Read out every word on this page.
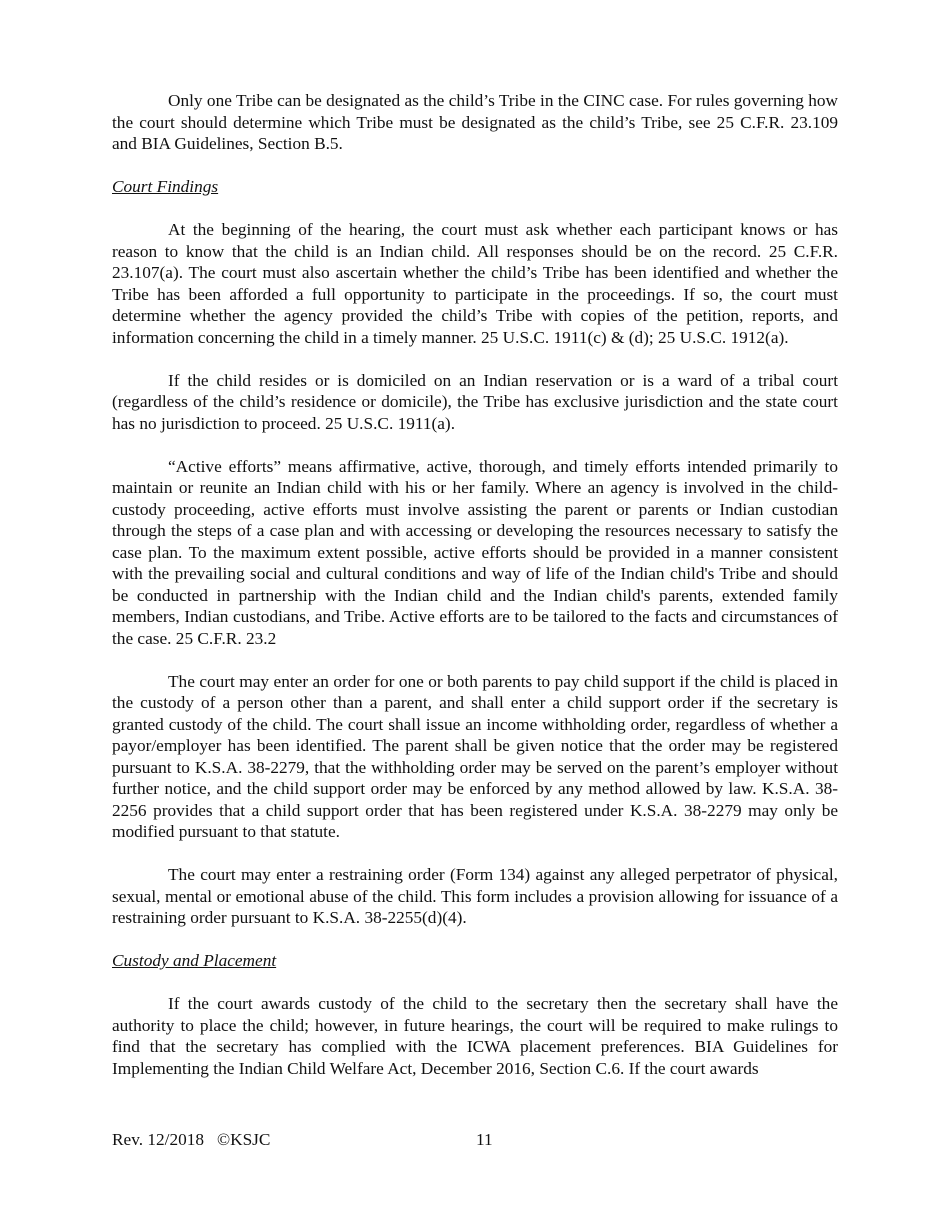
Only one Tribe can be designated as the child’s Tribe in the CINC case. For rules governing how the court should determine which Tribe must be designated as the child’s Tribe, see 25 C.F.R. 23.109 and BIA Guidelines, Section B.5.

Court Findings

At the beginning of the hearing, the court must ask whether each participant knows or has reason to know that the child is an Indian child. All responses should be on the record. 25 C.F.R. 23.107(a). The court must also ascertain whether the child’s Tribe has been identified and whether the Tribe has been afforded a full opportunity to participate in the proceedings. If so, the court must determine whether the agency provided the child’s Tribe with copies of the petition, reports, and information concerning the child in a timely manner. 25 U.S.C. 1911(c) & (d); 25 U.S.C. 1912(a).

If the child resides or is domiciled on an Indian reservation or is a ward of a tribal court (regardless of the child’s residence or domicile), the Tribe has exclusive jurisdiction and the state court has no jurisdiction to proceed. 25 U.S.C. 1911(a).

“Active efforts” means affirmative, active, thorough, and timely efforts intended primarily to maintain or reunite an Indian child with his or her family. Where an agency is involved in the child-custody proceeding, active efforts must involve assisting the parent or parents or Indian custodian through the steps of a case plan and with accessing or developing the resources necessary to satisfy the case plan. To the maximum extent possible, active efforts should be provided in a manner consistent with the prevailing social and cultural conditions and way of life of the Indian child's Tribe and should be conducted in partnership with the Indian child and the Indian child's parents, extended family members, Indian custodians, and Tribe. Active efforts are to be tailored to the facts and circumstances of the case. 25 C.F.R. 23.2

The court may enter an order for one or both parents to pay child support if the child is placed in the custody of a person other than a parent, and shall enter a child support order if the secretary is granted custody of the child. The court shall issue an income withholding order, regardless of whether a payor/employer has been identified. The parent shall be given notice that the order may be registered pursuant to K.S.A. 38-2279, that the withholding order may be served on the parent’s employer without further notice, and the child support order may be enforced by any method allowed by law. K.S.A. 38-2256 provides that a child support order that has been registered under K.S.A. 38-2279 may only be modified pursuant to that statute.

The court may enter a restraining order (Form 134) against any alleged perpetrator of physical, sexual, mental or emotional abuse of the child. This form includes a provision allowing for issuance of a restraining order pursuant to K.S.A. 38-2255(d)(4).

Custody and Placement

If the court awards custody of the child to the secretary then the secretary shall have the authority to place the child; however, in future hearings, the court will be required to make rulings to find that the secretary has complied with the ICWA placement preferences. BIA Guidelines for Implementing the Indian Child Welfare Act, December 2016, Section C.6. If the court awards

Rev. 12/2018   ©KSJC

	11
